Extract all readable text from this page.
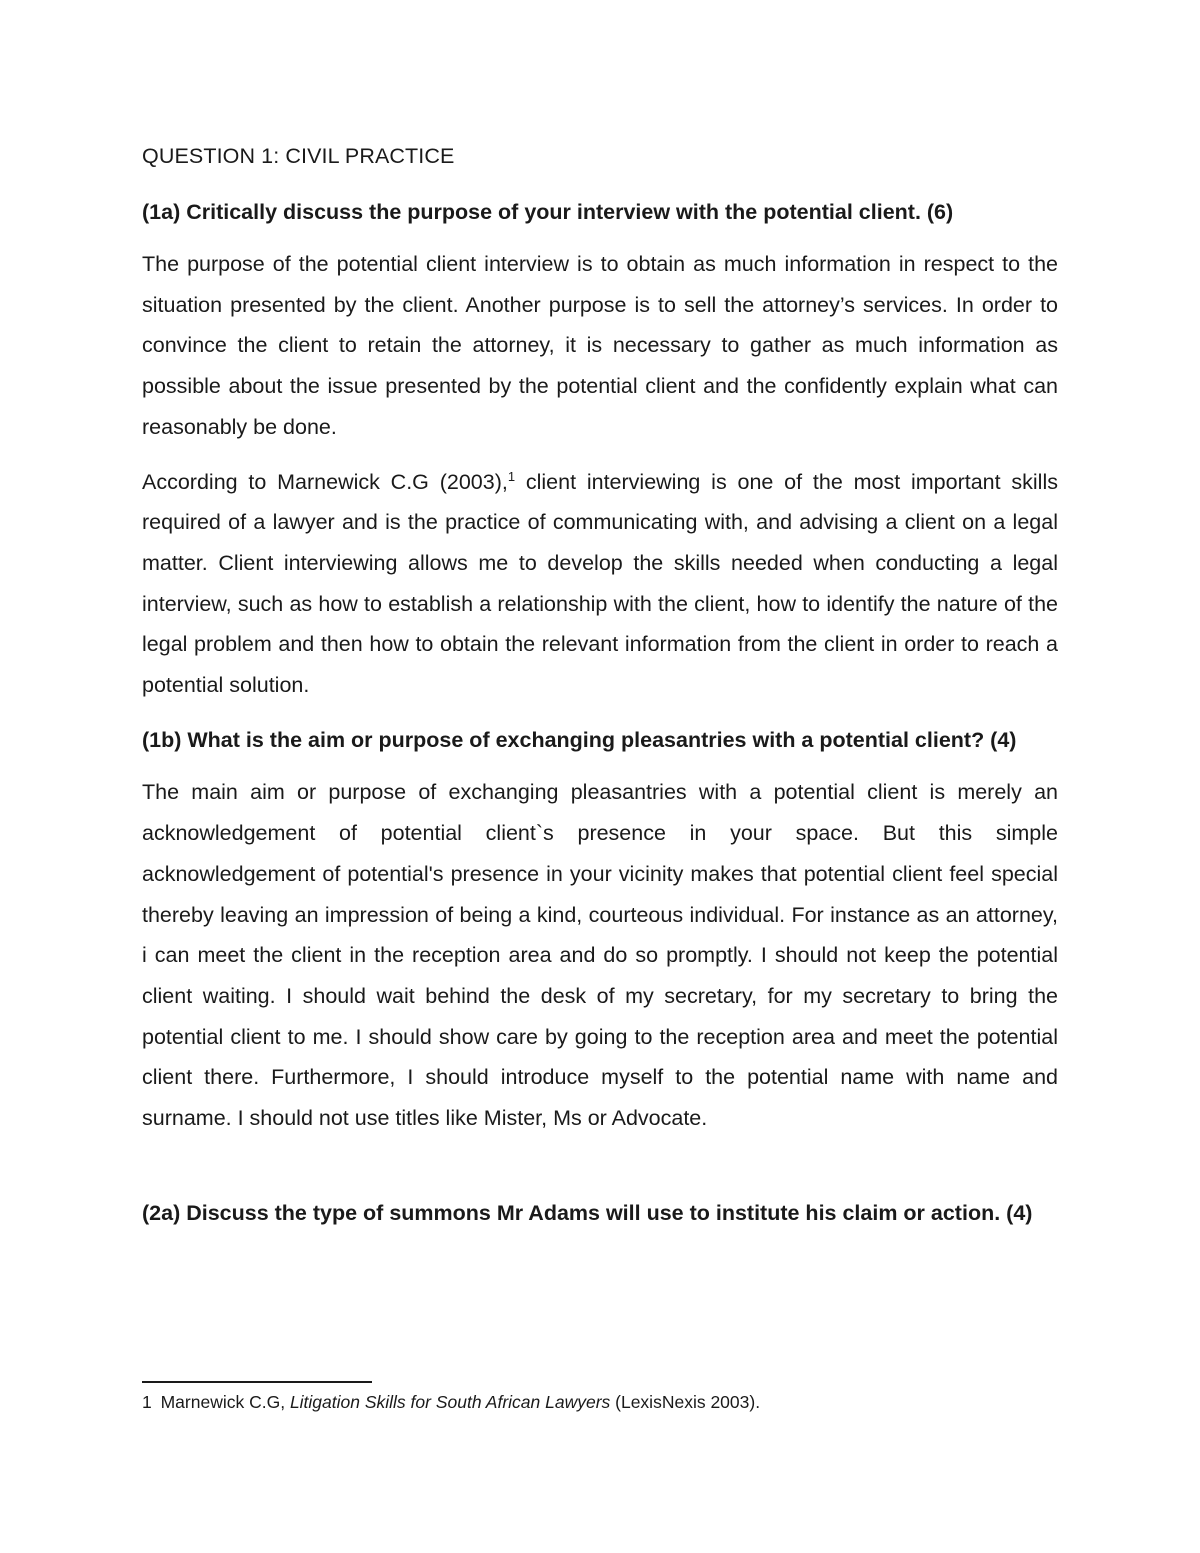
QUESTION 1: CIVIL PRACTICE

(1a) Critically discuss the purpose of your interview with the potential client. (6)

The purpose of the potential client interview is to obtain as much information in respect to the situation presented by the client. Another purpose is to sell the attorney’s services. In order to convince the client to retain the attorney, it is necessary to gather as much information as possible about the issue presented by the potential client and the confidently explain what can reasonably be done.

According to Marnewick C.G (2003),$^1$ client interviewing is one of the most important skills required of a lawyer and is the practice of communicating with, and advising a client on a legal matter. Client interviewing allows me to develop the skills needed when conducting a legal interview, such as how to establish a relationship with the client, how to identify the nature of the legal problem and then how to obtain the relevant information from the client in order to reach a potential solution.

(1b) What is the aim or purpose of exchanging pleasantries with a potential client? (4)

The main aim or purpose of exchanging pleasantries with a potential client is merely an acknowledgement of potential client`s presence in your space. But this simple acknowledgement of potential's presence in your vicinity makes that potential client feel special thereby leaving an impression of being a kind, courteous individual. For instance as an attorney, i can meet the client in the reception area and do so promptly. I should not keep the potential client waiting. I should wait behind the desk of my secretary, for my secretary to bring the potential client to me. I should show care by going to the reception area and meet the potential client there. Furthermore, I should introduce myself to the potential name with name and surname. I should not use titles like Mister, Ms or Advocate.

(2a) Discuss the type of summons Mr Adams will use to institute his claim or action. (4)

1 Marnewick C.G, Litigation Skills for South African Lawyers (LexisNexis 2003).
